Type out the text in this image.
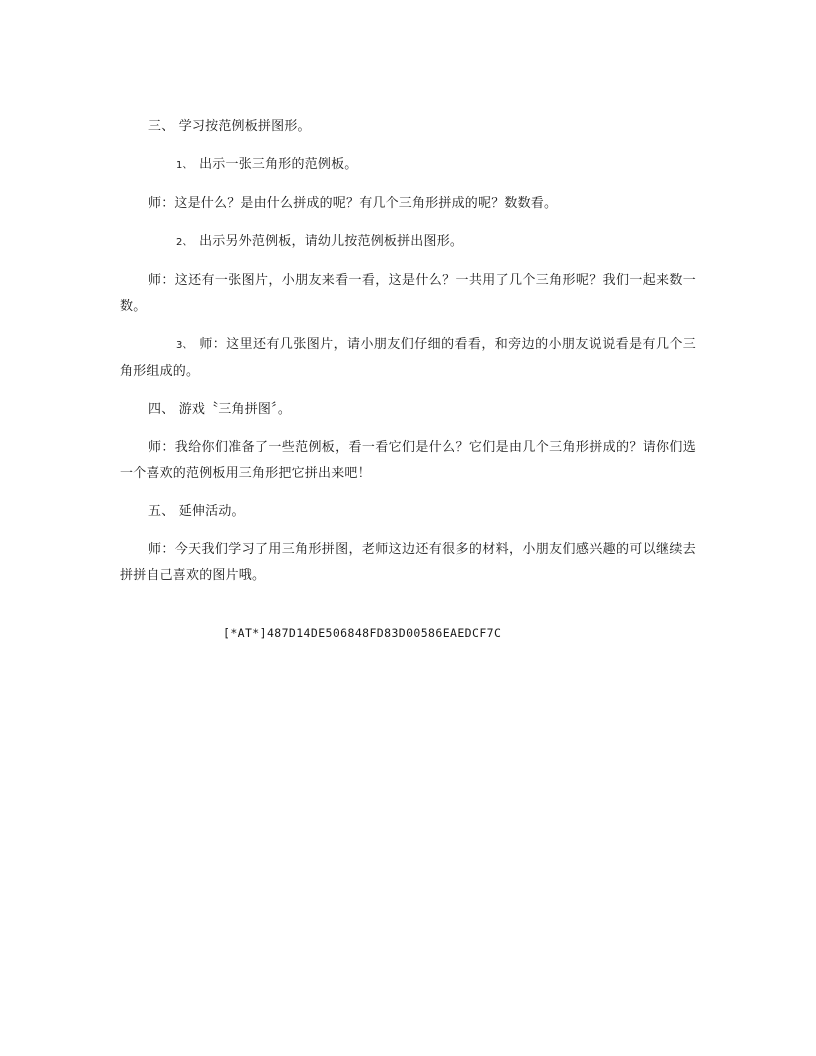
三、 学习按范例板拼图形。

1、 出示一张三角形的范例板。

师：这是什么？是由什么拼成的呢？有几个三角形拼成的呢？数数看。

2、 出示另外范例板，请幼儿按范例板拼出图形。

师：这还有一张图片，小朋友来看一看，这是什么？一共用了几个三角形呢？我们一起来数一数。

3、 师：这里还有几张图片，请小朋友们仔细的看看，和旁边的小朋友说说看是有几个三角形组成的。

四、 游戏〝三角拼图〞。

师：我给你们准备了一些范例板，看一看它们是什么？它们是由几个三角形拼成的？请你们选一个喜欢的范例板用三角形把它拼出来吧！

五、 延伸活动。

师：今天我们学习了用三角形拼图，老师这边还有很多的材料，小朋友们感兴趣的可以继续去拼拼自己喜欢的图片哦。

[*AT*]487D14DE506848FD83D00586EAEDCF7C
